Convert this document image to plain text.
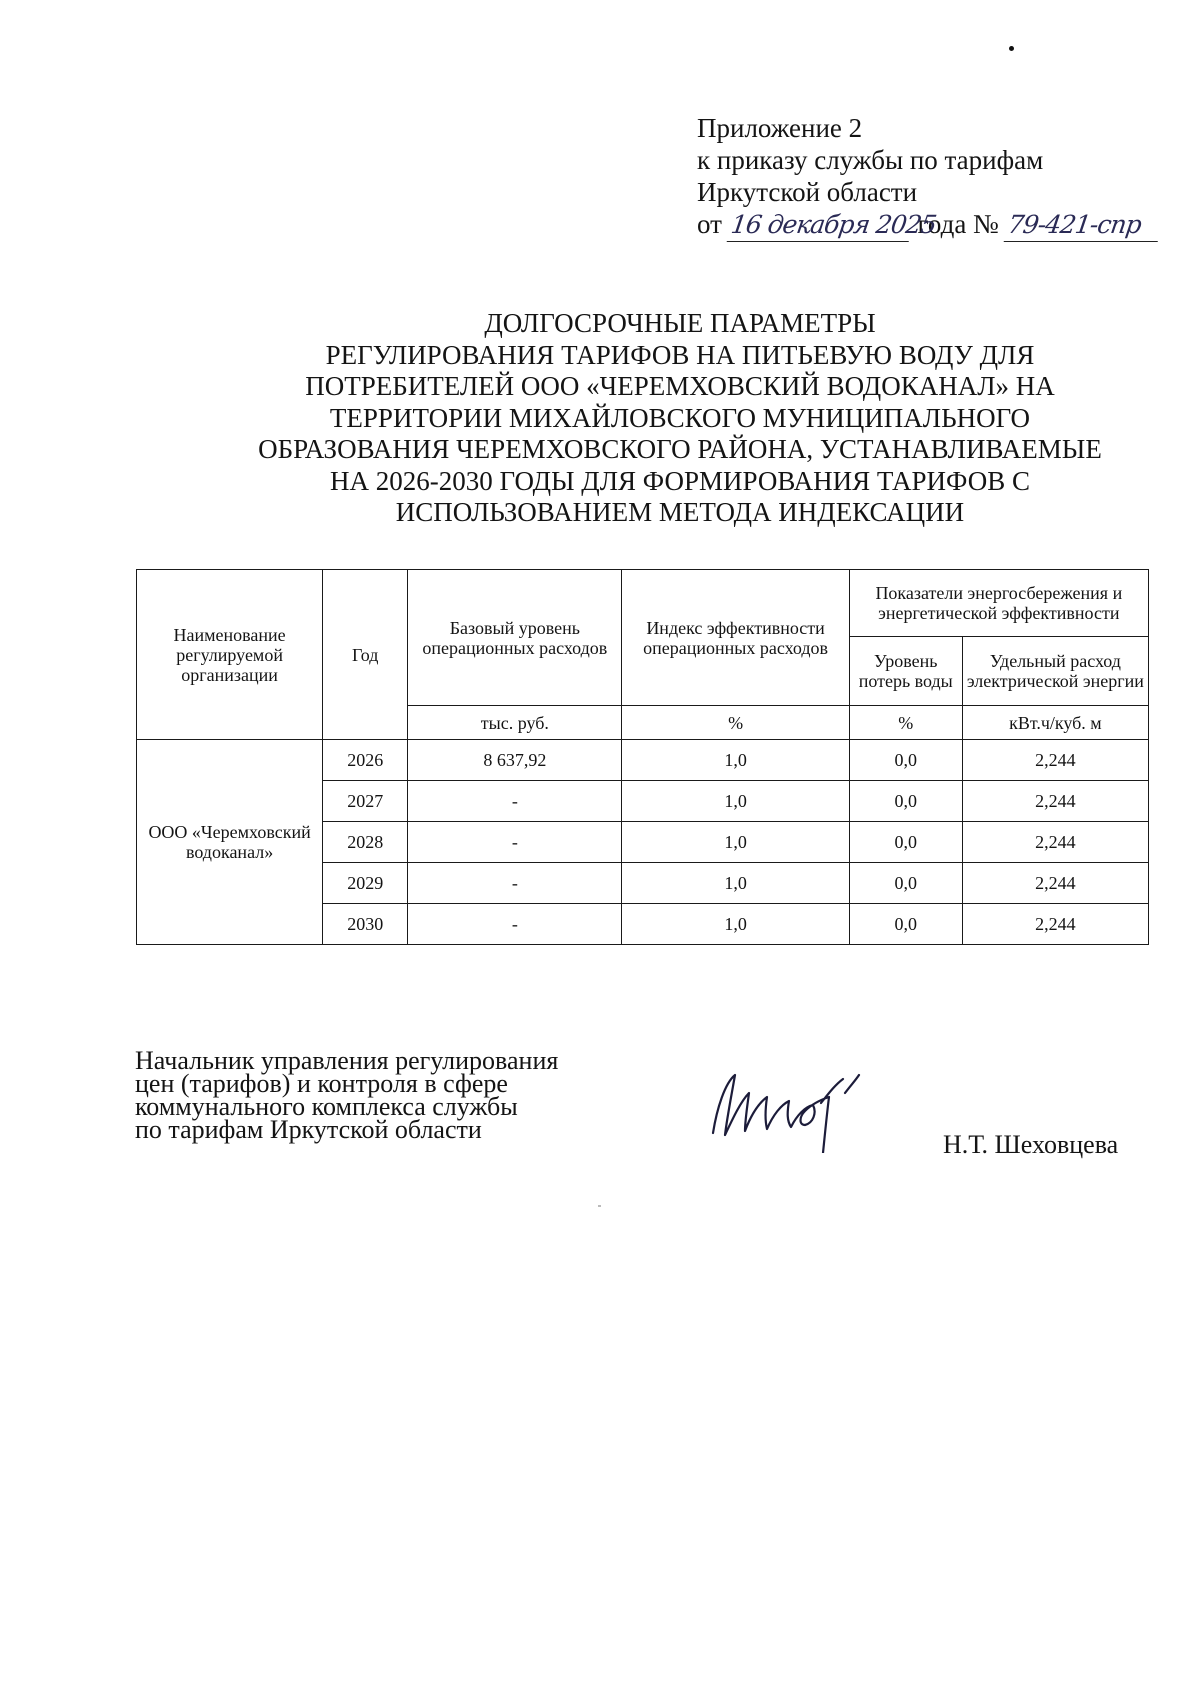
Приложение 2
к приказу службы по тарифам
Иркутской области
от 16 декабря 2025 года № 79-421-спр
ДОЛГОСРОЧНЫЕ ПАРАМЕТРЫ
РЕГУЛИРОВАНИЯ ТАРИФОВ НА ПИТЬЕВУЮ ВОДУ ДЛЯ
ПОТРЕБИТЕЛЕЙ ООО «ЧЕРЕМХОВСКИЙ ВОДОКАНАЛ» НА
ТЕРРИТОРИИ МИХАЙЛОВСКОГО МУНИЦИПАЛЬНОГО
ОБРАЗОВАНИЯ ЧЕРЕМХОВСКОГО РАЙОНА, УСТАНАВЛИВАЕМЫЕ
НА 2026-2030 ГОДЫ ДЛЯ ФОРМИРОВАНИЯ ТАРИФОВ С
ИСПОЛЬЗОВАНИЕМ МЕТОДА ИНДЕКСАЦИИ
Наименование регулируемой организации	Год	Базовый уровень операционных расходов	Индекс эффективности операционных расходов	Показатели энергосбережения и энергетической эффективности	
				Уровень потерь воды	Удельный расход электрической энергии
		тыс. руб.	%	%	кВт.ч/куб. м
ООО «Черемховский водоканал»	2026	8 637,92	1,0	0,0	2,244
	2027	-	1,0	0,0	2,244
	2028	-	1,0	0,0	2,244
	2029	-	1,0	0,0	2,244
	2030	-	1,0	0,0	2,244
Начальник управления регулирования
цен (тарифов) и контроля в сфере
коммунального комплекса службы
по тарифам Иркутской области
Н.Т. Шеховцева
